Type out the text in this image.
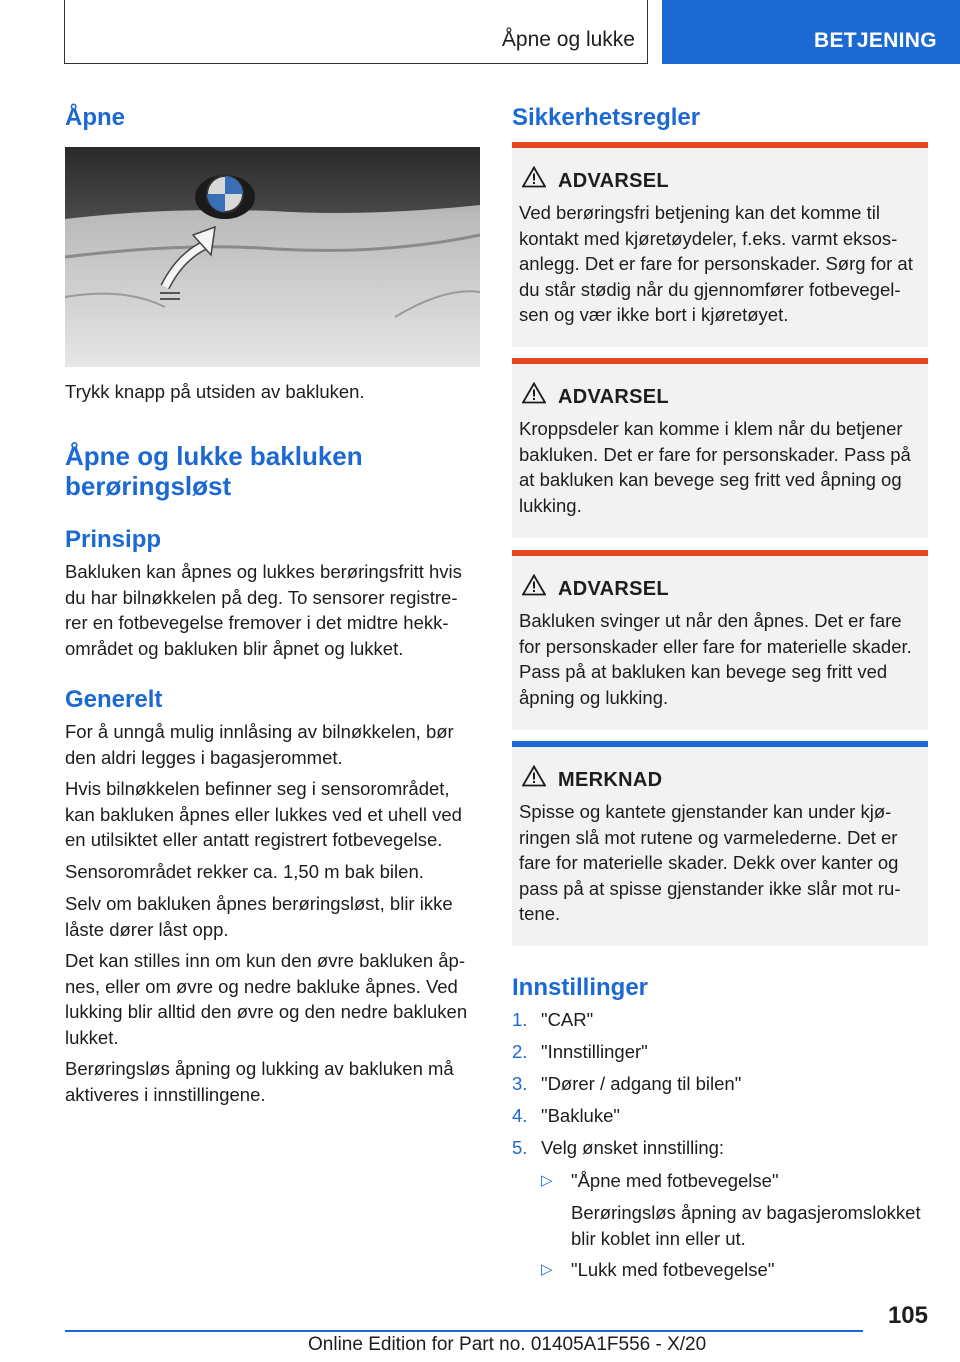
Åpne og lukke	BETJENING
Åpne

Trykk knapp på utsiden av bakluken.

Åpne og lukke bakluken
berøringsløst
Prinsipp

Bakluken kan åpnes og lukkes berøringsfritt hvis
du har bilnøkkelen på deg. To sensorer registre-
rer en fotbevegelse fremover i det midtre hekk-
området og bakluken blir åpnet og lukket.

Generelt

For å unngå mulig innlåsing av bilnøkkelen, bør
den aldri legges i bagasjerommet.

Hvis bilnøkkelen befinner seg i sensorområdet,
kan bakluken åpnes eller lukkes ved et uhell ved
en utilsiktet eller antatt registrert fotbevegelse.

Sensorområdet rekker ca. 1,50 m bak bilen.

Selv om bakluken åpnes berøringsløst, blir ikke
låste dører låst opp.

Det kan stilles inn om kun den øvre bakluken åp-
nes, eller om øvre og nedre bakluke åpnes. Ved
lukking blir alltid den øvre og den nedre bakluken
lukket.

Berøringsløs åpning og lukking av bakluken må
aktiveres i innstillingene.

Sikkerhetsregler
ADVARSEL

Ved berøringsfri betjening kan det komme til
kontakt med kjøretøydeler, f.eks. varmt eksos-
anlegg. Det er fare for personskader. Sørg for at
du står stødig når du gjennomfører fotbevegel-
sen og vær ikke bort i kjøretøyet.

ADVARSEL

Kroppsdeler kan komme i klem når du betjener
bakluken. Det er fare for personskader. Pass på
at bakluken kan bevege seg fritt ved åpning og
lukking.

ADVARSEL

Bakluken svinger ut når den åpnes. Det er fare
for personskader eller fare for materielle skader.
Pass på at bakluken kan bevege seg fritt ved
åpning og lukking.

MERKNAD

Spisse og kantete gjenstander kan under kjø-
ringen slå mot rutene og varmelederne. Det er
fare for materielle skader. Dekk over kanter og
pass på at spisse gjenstander ikke slår mot ru-
tene.

Innstillinger
1. "CAR"
2. "Innstillinger"
3. "Dører / adgang til bilen"
4. "Bakluke"
5. Velg ønsket innstilling:
▷ "Åpne med fotbevegelse"
Berøringsløs åpning av bagasjeromslokket
blir koblet inn eller ut.
▷ "Lukk med fotbevegelse"
105
Online Edition for Part no. 01405A1F556 - X/20
